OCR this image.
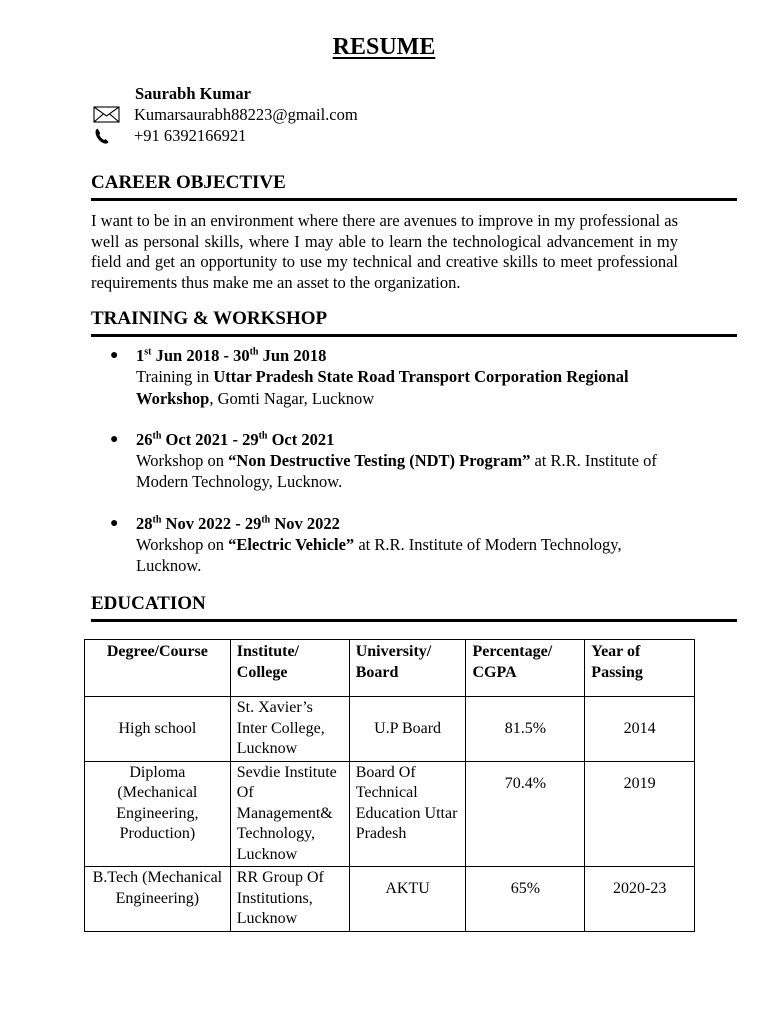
RESUME
Saurabh Kumar
Kumarsaurabh88223@gmail.com
+91 6392166921
CAREER OBJECTIVE
I want to be in an environment where there are avenues to improve in my professional as well as personal skills, where I may able to learn the technological advancement in my field and get an opportunity to use my technical and creative skills to meet professional requirements thus make me an asset to the organization.
TRAINING & WORKSHOP
● 1st Jun 2018 - 30th Jun 2018
Training in Uttar Pradesh State Road Transport Corporation Regional Workshop, Gomti Nagar, Lucknow
● 26th Oct 2021 - 29th Oct 2021
Workshop on “Non Destructive Testing (NDT) Program” at R.R. Institute of Modern Technology, Lucknow.
● 28th Nov 2022 - 29th Nov 2022
Workshop on “Electric Vehicle” at R.R. Institute of Modern Technology, Lucknow.
EDUCATION
Degree/Course	Institute/ College	University/ Board	Percentage/ CGPA	Year of Passing
High school	St. Xavier’s Inter College, Lucknow	U.P Board	81.5%	2014
Diploma (Mechanical Engineering, Production)	Sevdie Institute Of Management& Technology, Lucknow	Board Of Technical Education Uttar Pradesh	70.4%	2019
B.Tech (Mechanical Engineering)	RR Group Of Institutions, Lucknow	AKTU	65%	2020-23
